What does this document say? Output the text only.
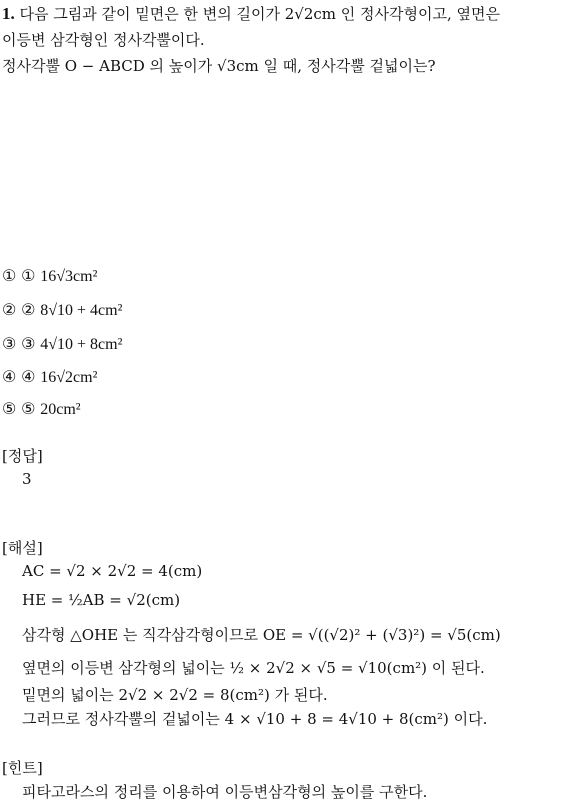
1. 다음 그림과 같이 밑면은 한 변의 길이가 2√2cm 인 정사각형이고, 옆면은
이등변 삼각형인 정사각뿔이다.
정사각뿔 O − ABCD 의 높이가 √3cm 일 때, 정사각뿔 겉넓이는?
① ① 16√3cm²
② ② 8√10 + 4cm²
③ ③ 4√10 + 8cm²
④ ④ 16√2cm²
⑤ ⑤ 20cm²
[정답]
3
[해설]
AC = √2 × 2√2 = 4(cm)
HE = ½AB = √2(cm)
삼각형 △OHE 는 직각삼각형이므로 OE = √((√2)² + (√3)²) = √5(cm)
옆면의 이등변 삼각형의 넓이는 ½ × 2√2 × √5 = √10(cm²) 이 된다.
밑면의 넓이는 2√2 × 2√2 = 8(cm²) 가 된다.
그러므로 정사각뿔의 겉넓이는 4 × √10 + 8 = 4√10 + 8(cm²) 이다.
[힌트]
피타고라스의 정리를 이용하여 이등변삼각형의 높이를 구한다.
